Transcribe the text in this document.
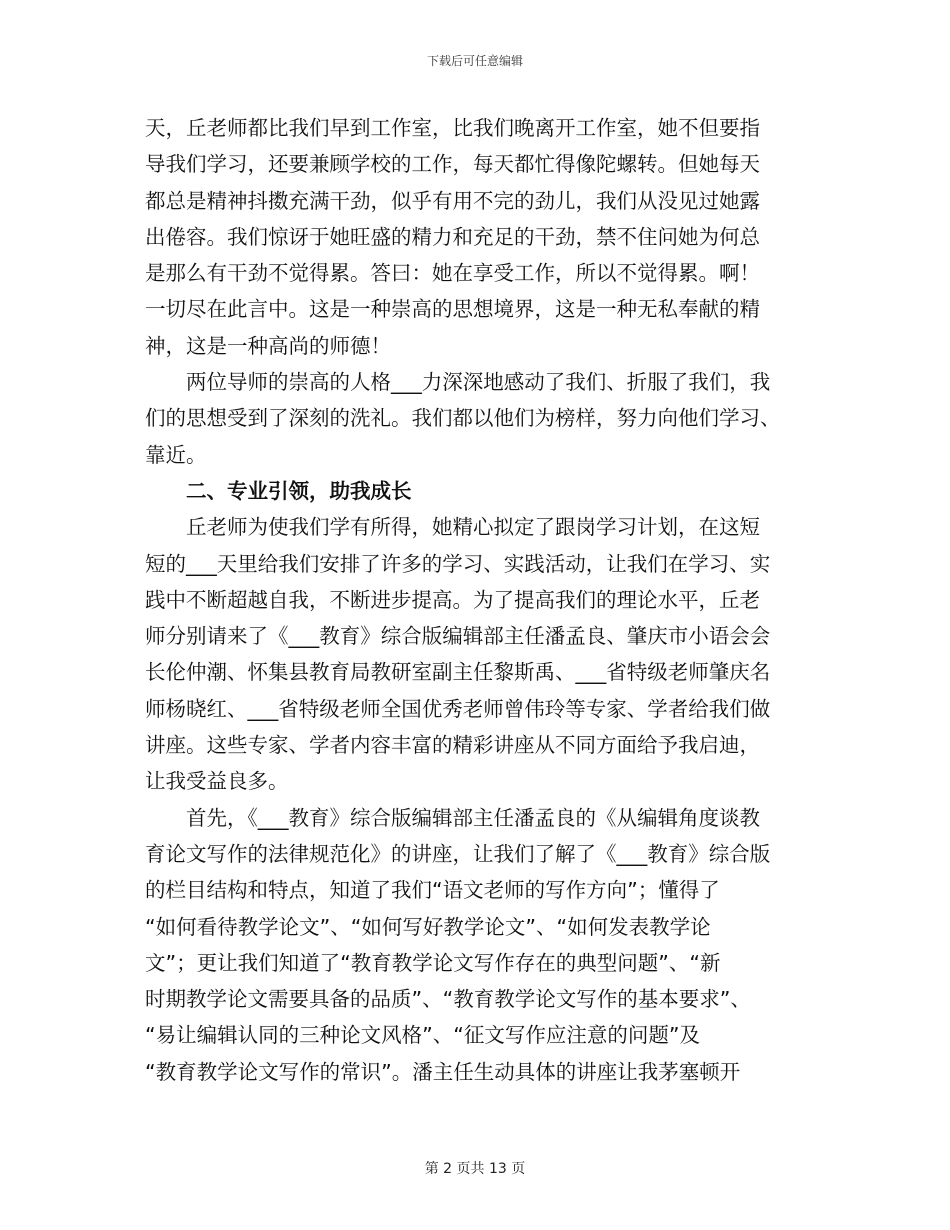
下载后可任意编辑
天，丘老师都比我们早到工作室，比我们晚离开工作室，她不但要指
导我们学习，还要兼顾学校的工作，每天都忙得像陀螺转。但她每天
都总是精神抖擞充满干劲，似乎有用不完的劲儿，我们从没见过她露
出倦容。我们惊讶于她旺盛的精力和充足的干劲，禁不住问她为何总
是那么有干劲不觉得累。答曰：她在享受工作，所以不觉得累。啊！
一切尽在此言中。这是一种崇高的思想境界，这是一种无私奉献的精
神，这是一种高尚的师德！
两位导师的崇高的人格___力深深地感动了我们、折服了我们，我
们的思想受到了深刻的洗礼。我们都以他们为榜样，努力向他们学习、
靠近。
二、专业引领，助我成长
丘老师为使我们学有所得，她精心拟定了跟岗学习计划，在这短
短的___天里给我们安排了许多的学习、实践活动，让我们在学习、实
践中不断超越自我，不断进步提高。为了提高我们的理论水平，丘老
师分别请来了《___教育》综合版编辑部主任潘孟良、肇庆市小语会会
长伦仲潮、怀集县教育局教研室副主任黎斯禹、___省特级老师肇庆名
师杨晓红、___省特级老师全国优秀老师曾伟玲等专家、学者给我们做
讲座。这些专家、学者内容丰富的精彩讲座从不同方面给予我启迪，
让我受益良多。
首先，《___教育》综合版编辑部主任潘孟良的《从编辑角度谈教
育论文写作的法律规范化》的讲座，让我们了解了《___教育》综合版
的栏目结构和特点，知道了我们“语文老师的写作方向”；懂得了
“如何看待教学论文”、“如何写好教学论文”、“如何发表教学论
文”；更让我们知道了“教育教学论文写作存在的典型问题”、“新
时期教学论文需要具备的品质”、“教育教学论文写作的基本要求”、
“易让编辑认同的三种论文风格”、“征文写作应注意的问题”及
“教育教学论文写作的常识”。潘主任生动具体的讲座让我茅塞顿开
第 2 页共 13 页
